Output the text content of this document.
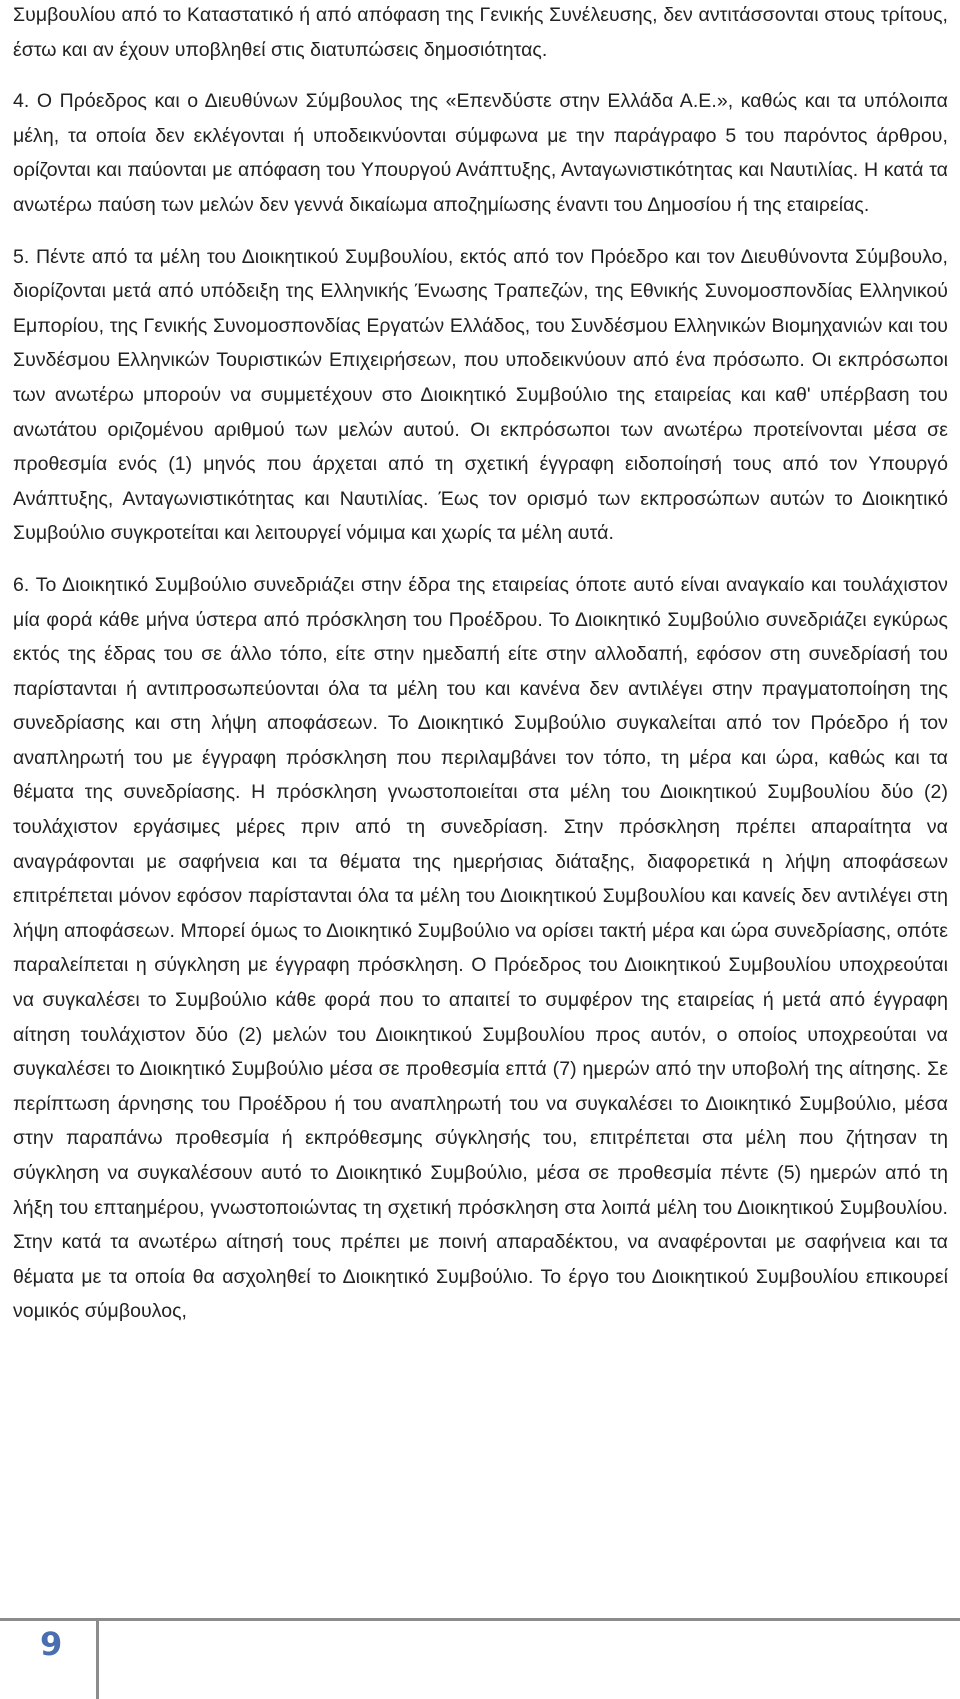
Συμβουλίου από το Καταστατικό ή από απόφαση της Γενικής Συνέλευσης, δεν αντιτάσσονται στους τρίτους, έστω και αν έχουν υποβληθεί στις διατυπώσεις δημοσιότητας.

4. Ο Πρόεδρος και ο Διευθύνων Σύμβουλος της «Επενδύστε στην Ελλάδα Α.Ε.», καθώς και τα υπόλοιπα μέλη, τα οποία δεν εκλέγονται ή υποδεικνύονται σύμφωνα με την παράγραφο 5 του παρόντος άρθρου, ορίζονται και παύονται με απόφαση του Υπουργού Ανάπτυξης, Ανταγωνιστικότητας και Ναυτιλίας. Η κατά τα ανωτέρω παύση των μελών δεν γεννά δικαίωμα αποζημίωσης έναντι του Δημοσίου ή της εταιρείας.

5. Πέντε από τα μέλη του Διοικητικού Συμβουλίου, εκτός από τον Πρόεδρο και τον Διευθύνοντα Σύμβουλο, διορίζονται μετά από υπόδειξη της Ελληνικής Ένωσης Τραπεζών, της Εθνικής Συνομοσπονδίας Ελληνικού Εμπορίου, της Γενικής Συνομοσπονδίας Εργατών Ελλάδος, του Συνδέσμου Ελληνικών Βιομηχανιών και του Συνδέσμου Ελληνικών Τουριστικών Επιχειρήσεων, που υποδεικνύουν από ένα πρόσωπο. Οι εκπρόσωποι των ανωτέρω μπορούν να συμμετέχουν στο Διοικητικό Συμβούλιο της εταιρείας και καθ' υπέρβαση του ανωτάτου οριζομένου αριθμού των μελών αυτού. Οι εκπρόσωποι των ανωτέρω προτείνονται μέσα σε προθεσμία ενός (1) μηνός που άρχεται από τη σχετική έγγραφη ειδοποίησή τους από τον Υπουργό Ανάπτυξης, Ανταγωνιστικότητας και Ναυτιλίας. Έως τον ορισμό των εκπροσώπων αυτών το Διοικητικό Συμβούλιο συγκροτείται και λειτουργεί νόμιμα και χωρίς τα μέλη αυτά.

6. Το Διοικητικό Συμβούλιο συνεδριάζει στην έδρα της εταιρείας όποτε αυτό είναι αναγκαίο και τουλάχιστον μία φορά κάθε μήνα ύστερα από πρόσκληση του Προέδρου. Το Διοικητικό Συμβούλιο συνεδριάζει εγκύρως εκτός της έδρας του σε άλλο τόπο, είτε στην ημεδαπή είτε στην αλλοδαπή, εφόσον στη συνεδρίασή του παρίστανται ή αντιπροσωπεύονται όλα τα μέλη του και κανένα δεν αντιλέγει στην πραγματοποίηση της συνεδρίασης και στη λήψη αποφάσεων. Το Διοικητικό Συμβούλιο συγκαλείται από τον Πρόεδρο ή τον αναπληρωτή του με έγγραφη πρόσκληση που περιλαμβάνει τον τόπο, τη μέρα και ώρα, καθώς και τα θέματα της συνεδρίασης. Η πρόσκληση γνωστοποιείται στα μέλη του Διοικητικού Συμβουλίου δύο (2) τουλάχιστον εργάσιμες μέρες πριν από τη συνεδρίαση. Στην πρόσκληση πρέπει απαραίτητα να αναγράφονται με σαφήνεια και τα θέματα της ημερήσιας διάταξης, διαφορετικά η λήψη αποφάσεων επιτρέπεται μόνον εφόσον παρίστανται όλα τα μέλη του Διοικητικού Συμβουλίου και κανείς δεν αντιλέγει στη λήψη αποφάσεων. Μπορεί όμως το Διοικητικό Συμβούλιο να ορίσει τακτή μέρα και ώρα συνεδρίασης, οπότε παραλείπεται η σύγκληση με έγγραφη πρόσκληση. Ο Πρόεδρος του Διοικητικού Συμβουλίου υποχρεούται να συγκαλέσει το Συμβούλιο κάθε φορά που το απαιτεί το συμφέρον της εταιρείας ή μετά από έγγραφη αίτηση τουλάχιστον δύο (2) μελών του Διοικητικού Συμβουλίου προς αυτόν, ο οποίος υποχρεούται να συγκαλέσει το Διοικητικό Συμβούλιο μέσα σε προθεσμία επτά (7) ημερών από την υποβολή της αίτησης. Σε περίπτωση άρνησης του Προέδρου ή του αναπληρωτή του να συγκαλέσει το Διοικητικό Συμβούλιο, μέσα στην παραπάνω προθεσμία ή εκπρόθεσμης σύγκλησής του, επιτρέπεται στα μέλη που ζήτησαν τη σύγκληση να συγκαλέσουν αυτό το Διοικητικό Συμβούλιο, μέσα σε προθεσμία πέντε (5) ημερών από τη λήξη του επταημέρου, γνωστοποιώντας τη σχετική πρόσκληση στα λοιπά μέλη του Διοικητικού Συμβουλίου. Στην κατά τα ανωτέρω αίτησή τους πρέπει με ποινή απαραδέκτου, να αναφέρονται με σαφήνεια και τα θέματα με τα οποία θα ασχοληθεί το Διοικητικό Συμβούλιο. Το έργο του Διοικητικού Συμβουλίου επικουρεί νομικός σύμβουλος,

9
